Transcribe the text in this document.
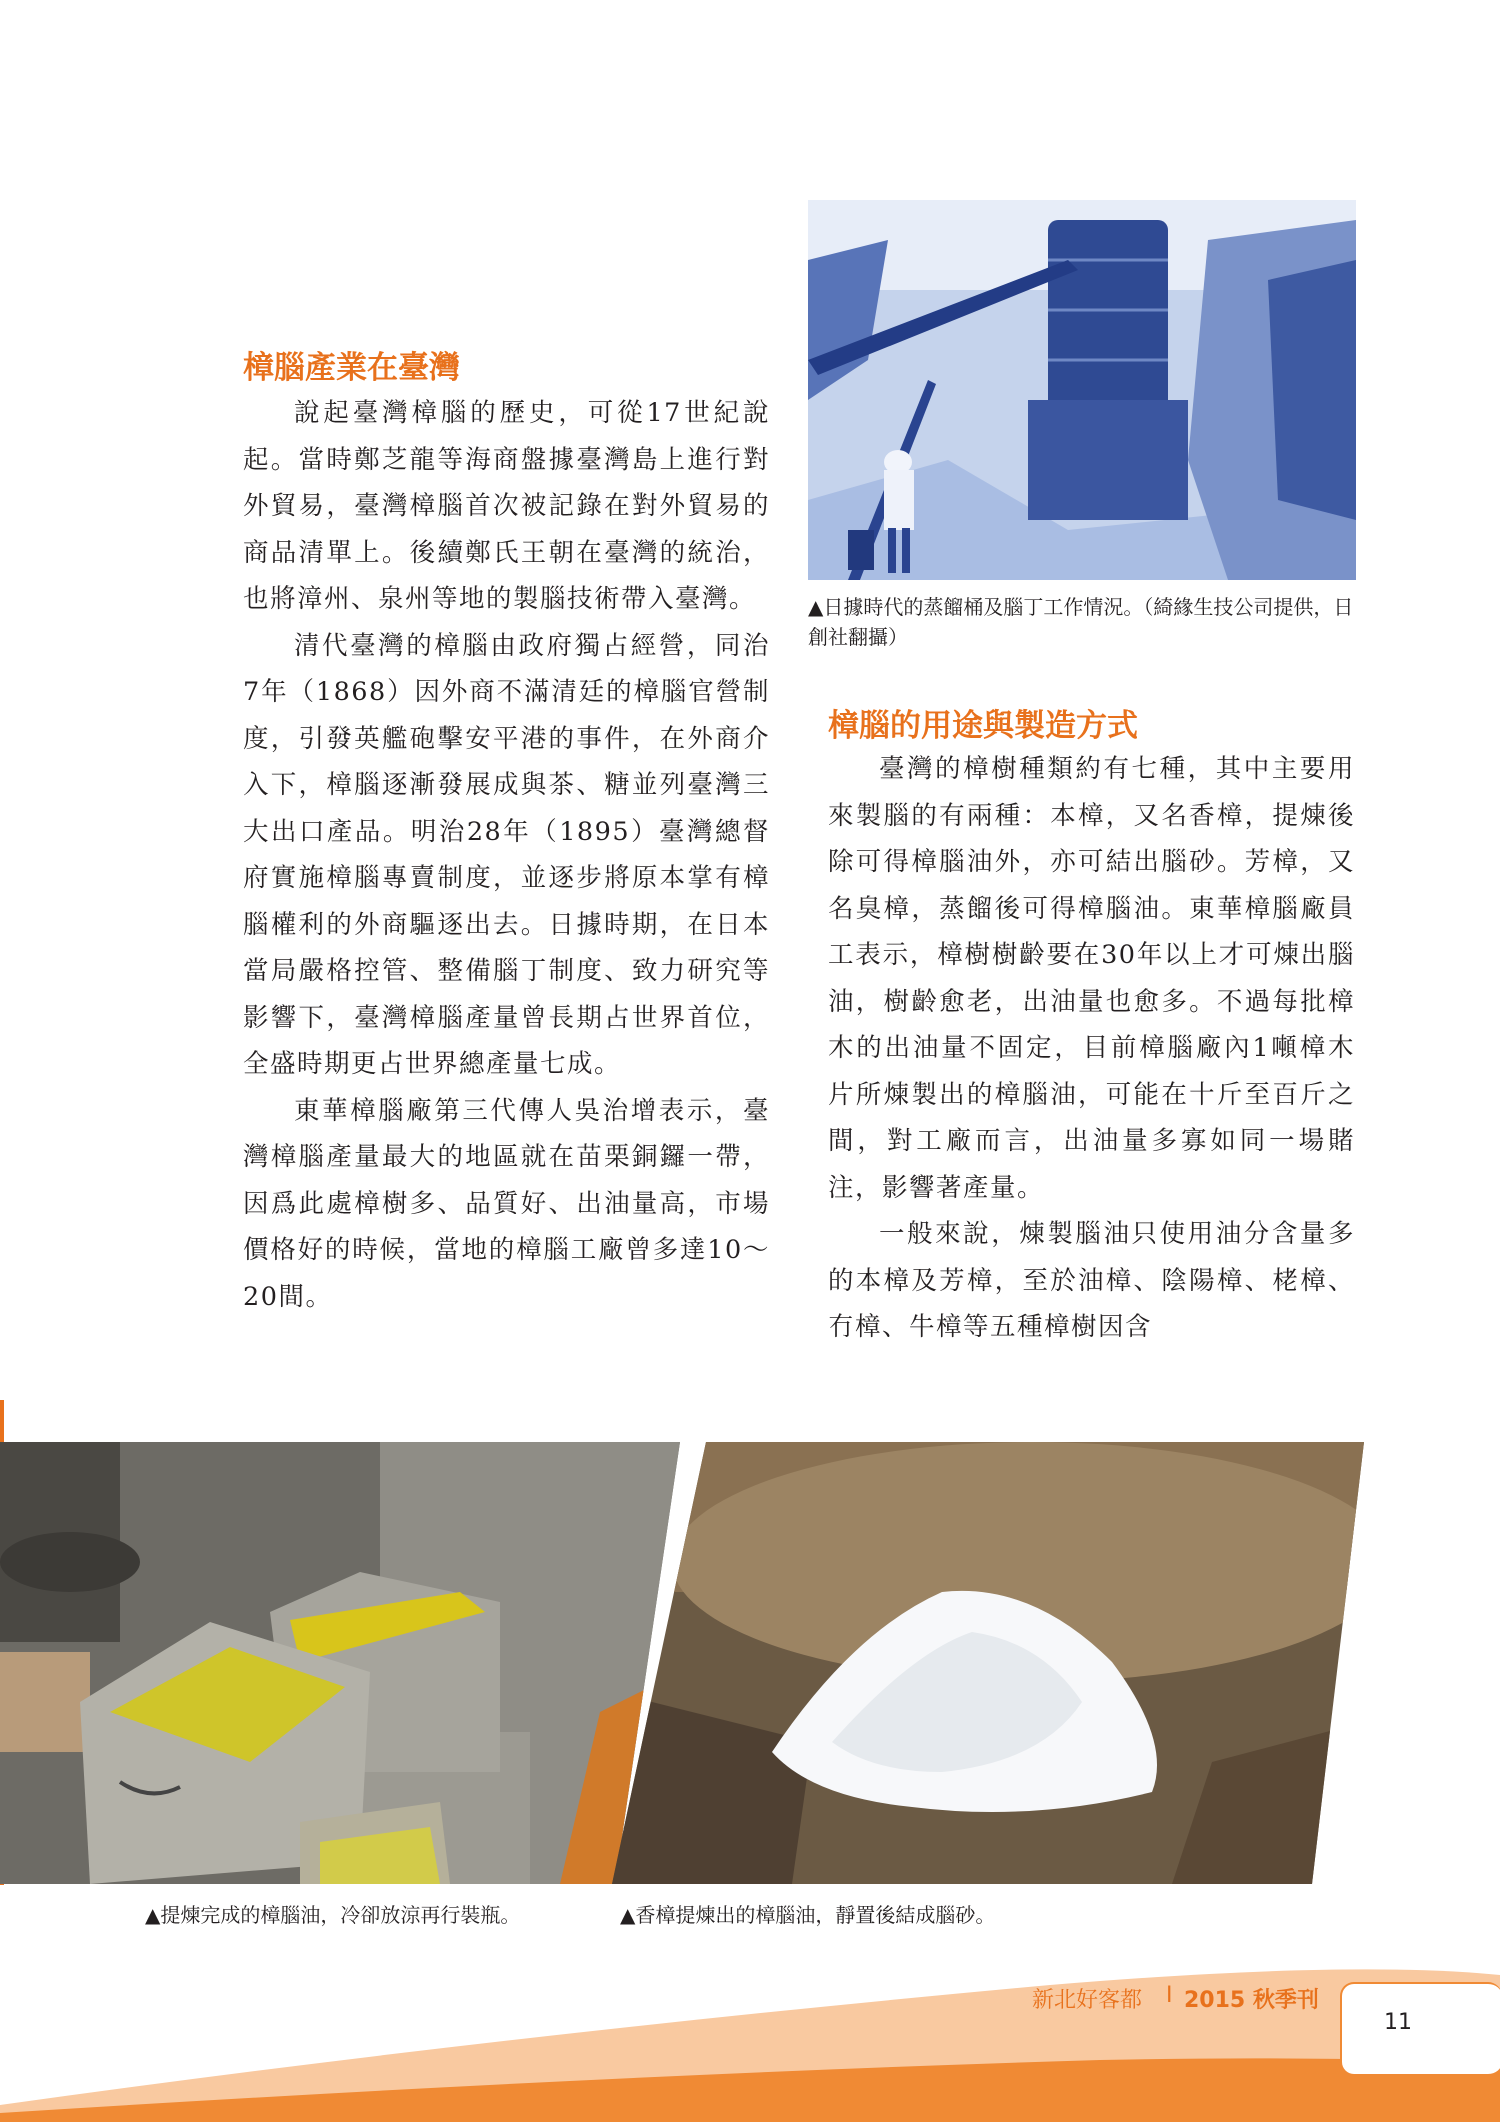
樟腦產業在臺灣

說起臺灣樟腦的歷史，可從17世紀說起。當時鄭芝龍等海商盤據臺灣島上進行對外貿易，臺灣樟腦首次被記錄在對外貿易的商品清單上。後續鄭氏王朝在臺灣的統治，也將漳州、泉州等地的製腦技術帶入臺灣。

清代臺灣的樟腦由政府獨占經營，同治7年（1868）因外商不滿清廷的樟腦官營制度，引發英艦砲擊安平港的事件，在外商介入下，樟腦逐漸發展成與茶、糖並列臺灣三大出口產品。明治28年（1895）臺灣總督府實施樟腦專賣制度，並逐步將原本掌有樟腦權利的外商驅逐出去。日據時期，在日本當局嚴格控管、整備腦丁制度、致力研究等影響下，臺灣樟腦產量曾長期占世界首位，全盛時期更占世界總產量七成。

東華樟腦廠第三代傳人吳治增表示，臺灣樟腦產量最大的地區就在苗栗銅鑼一帶，因爲此處樟樹多、品質好、出油量高，市場價格好的時候，當地的樟腦工廠曾多達10～20間。

▲日據時代的蒸餾桶及腦丁工作情況。（綺緣生技公司提供，日創社翻攝）
樟腦的用途與製造方式

臺灣的樟樹種類約有七種，其中主要用來製腦的有兩種：本樟，又名香樟，提煉後除可得樟腦油外，亦可結出腦砂。芳樟，又名臭樟，蒸餾後可得樟腦油。東華樟腦廠員工表示，樟樹樹齡要在30年以上才可煉出腦油，樹齡愈老，出油量也愈多。不過每批樟木的出油量不固定，目前樟腦廠內1噸樟木片所煉製出的樟腦油，可能在十斤至百斤之間，對工廠而言，出油量多寡如同一場賭注，影響著產量。

一般來說，煉製腦油只使用油分含量多的本樟及芳樟，至於油樟、陰陽樟、栳樟、冇樟、牛樟等五種樟樹因含

▲提煉完成的樟腦油，冷卻放涼再行裝瓶。	▲香樟提煉出的樟腦油，靜置後結成腦砂。
新北好客都 I 2015 秋季刊
11
